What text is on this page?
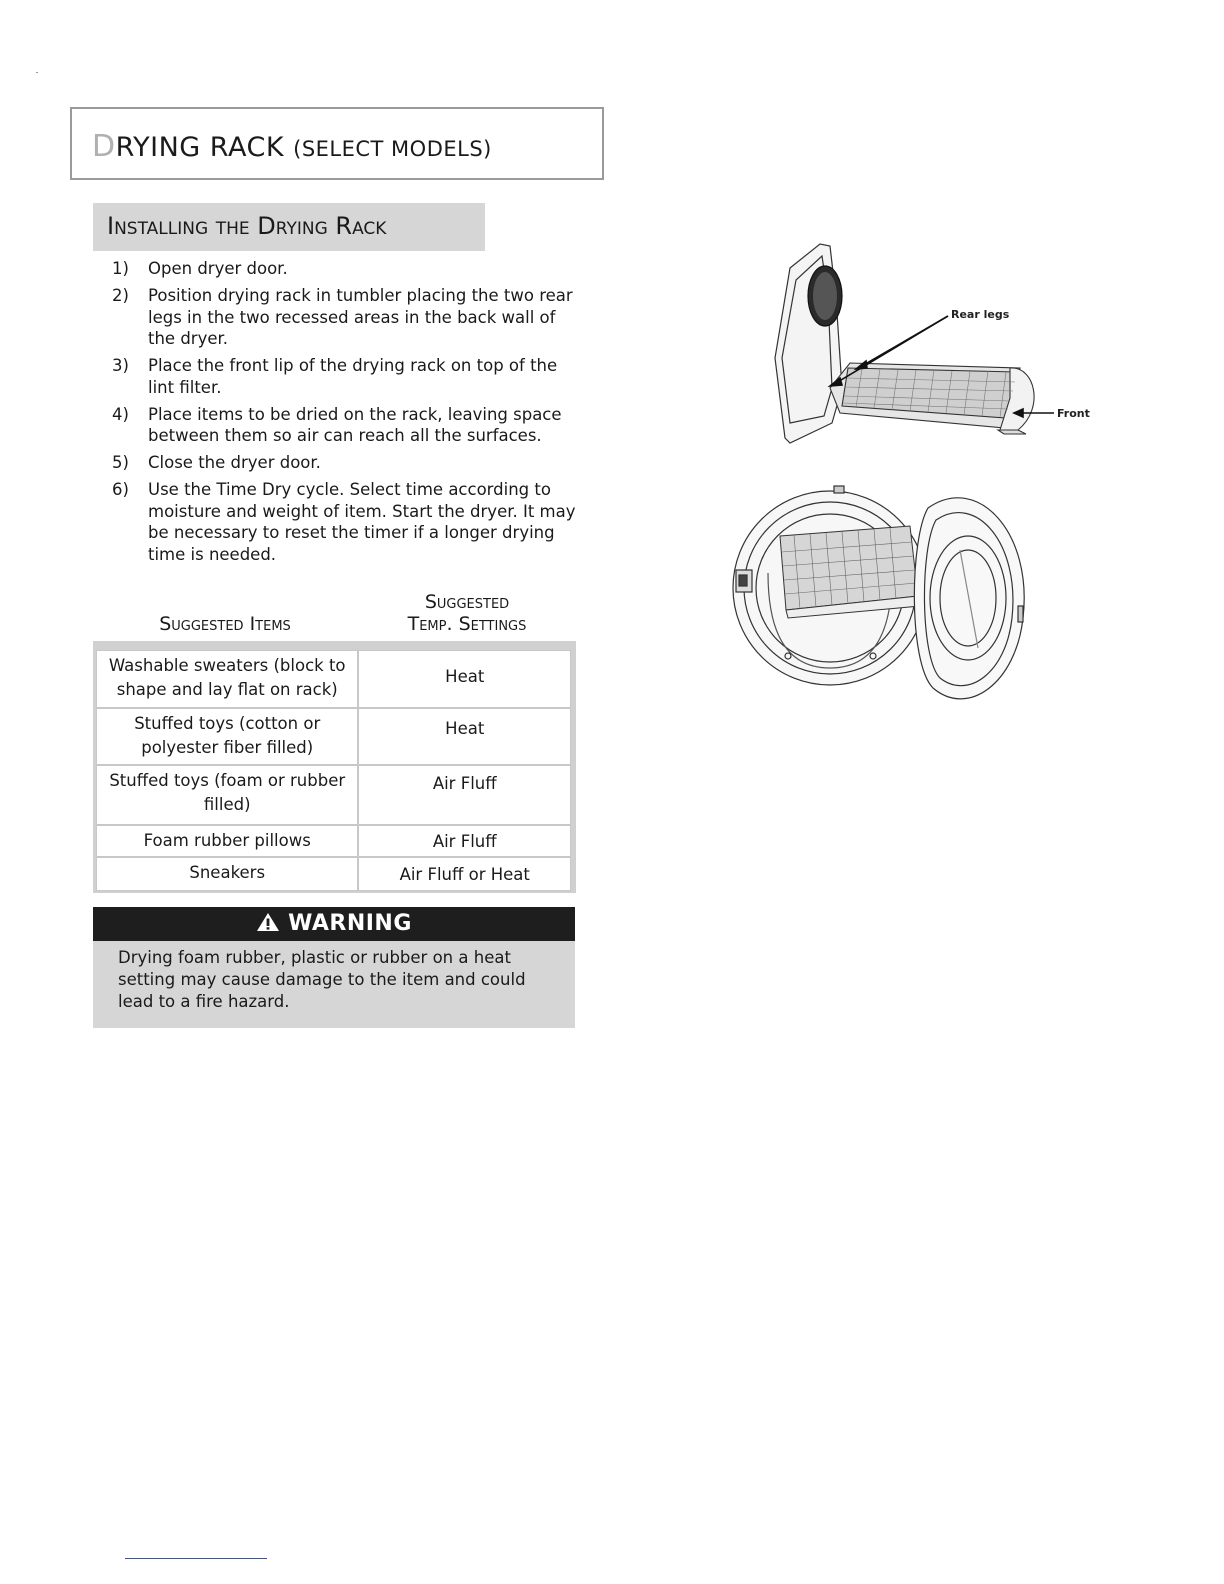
DRYING RACK (SELECT MODELS)
Installing the Drying Rack
1) Open dryer door.
2) Position drying rack in tumbler placing the two rear legs in the two recessed areas in the back wall of the dryer.
3) Place the front lip of the drying rack on top of the lint filter.
4) Place items to be dried on the rack, leaving space between them so air can reach all the surfaces.
5) Close the dryer door.
6) Use the Time Dry cycle. Select time according to moisture and weight of item. Start the dryer. It may be necessary to reset the timer if a longer drying time is needed.
Suggested Items
Suggested
Temp. Settings
Washable sweaters (block to shape and lay flat on rack)	Heat
Stuffed toys (cotton or polyester fiber filled)	Heat
Stuffed toys (foam or rubber filled)	Air Fluff
Foam rubber pillows	Air Fluff
Sneakers	Air Fluff or Heat
WARNING
Drying foam rubber, plastic or rubber on a heat setting may cause damage to the item and could lead to a fire hazard.
Rear legs
Front
